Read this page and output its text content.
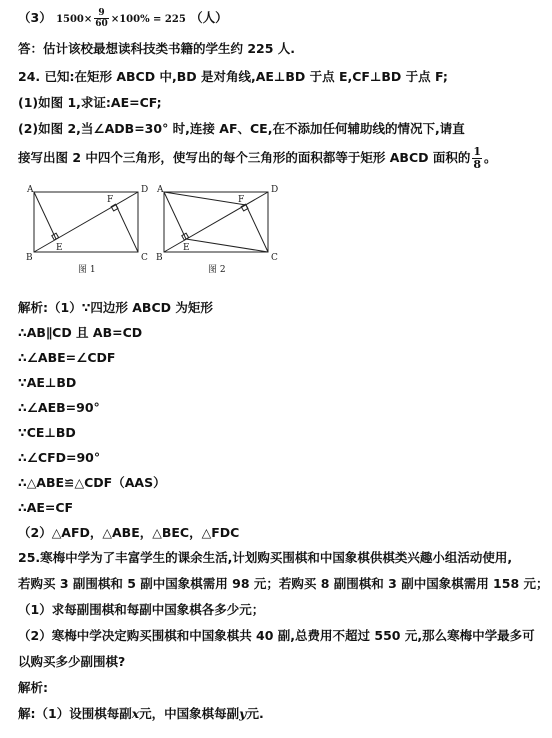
（3） $1500\times \frac{9}{60} \times 100\% = 225$ （人）
答：估计该校最想读科技类书籍的学生约 225 人.
24. 已知:在矩形 ABCD 中,BD 是对角线,AE⊥BD 于点 E,CF⊥BD 于点 F;
(1)如图 1,求证:AE=CF;
(2)如图 2,当∠ADB=30° 时,连接 AF、CE,在不添加任何辅助线的情况下,请直
接写出图 2 中四个三角形，使写出的每个三角形的面积都等于矩形 ABCD 面积的 $\frac{1}{8}$ 。
A
B	C
D
E
F
图 1
A
B	C
D
E
F
图 2
解析:（1）∵四边形 ABCD 为矩形
∴AB∥CD 且 AB=CD
∴∠ABE=∠CDF
∵AE⊥BD
∴∠AEB=90°
∵CE⊥BD
∴∠CFD=90°
∴△ABE≌△CDF（AAS）
∴AE=CF
（2）△AFD，△ABE，△BEC，△FDC
25.寒梅中学为了丰富学生的课余生活,计划购买围棋和中国象棋供棋类兴趣小组活动使用,
若购买 3 副围棋和 5 副中国象棋需用 98 元；若购买 8 副围棋和 3 副中国象棋需用 158 元；
（1）求每副围棋和每副中国象棋各多少元；
（2）寒梅中学决定购买围棋和中国象棋共 40 副,总费用不超过 550 元,那么寒梅中学最多可
以购买多少副围棋?
解析:
解:（1）设围棋每副x元，中国象棋每副y元.
